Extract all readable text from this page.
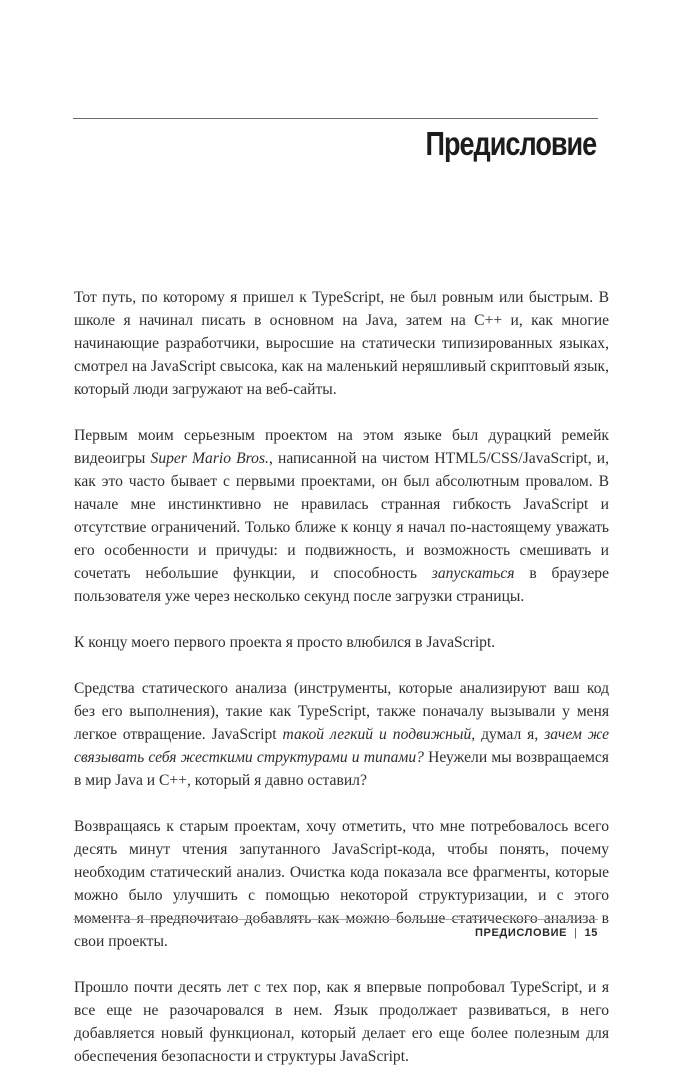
Предисловие

Тот путь, по которому я пришел к TypeScript, не был ровным или быстрым. В школе я начинал писать в основном на Java, затем на C++ и, как многие начинающие разработчики, выросшие на статически типизированных языках, смотрел на JavaScript свысока, как на маленький неряшливый скриптовый язык, который люди загружают на веб-сайты.

Первым моим серьезным проектом на этом языке был дурацкий ремейк видеоигры Super Mario Bros., написанной на чистом HTML5/CSS/JavaScript, и, как это часто бывает с первыми проектами, он был абсолютным провалом. В начале мне инстинктивно не нравилась странная гибкость JavaScript и отсутствие ограничений. Только ближе к концу я начал по-настоящему уважать его особенности и причуды: и подвижность, и возможность смешивать и сочетать небольшие функции, и способность запускаться в браузере пользователя уже через несколько секунд после загрузки страницы.

К концу моего первого проекта я просто влюбился в JavaScript.

Средства статического анализа (инструменты, которые анализируют ваш код без его выполнения), такие как TypeScript, также поначалу вызывали у меня легкое отвращение. JavaScript такой легкий и подвижный, думал я, зачем же связывать себя жесткими структурами и типами? Неужели мы возвращаемся в мир Java и C++, который я давно оставил?

Возвращаясь к старым проектам, хочу отметить, что мне потребовалось всего десять минут чтения запутанного JavaScript-кода, чтобы понять, почему необходим статический анализ. Очистка кода показала все фрагменты, которые можно было улучшить с помощью некоторой структуризации, и с этого момента я предпочитаю добавлять как можно больше статического анализа в свои проекты.

Прошло почти десять лет с тех пор, как я впервые попробовал TypeScript, и я все еще не разочаровался в нем. Язык продолжает развиваться, в него добавляется новый функционал, который делает его еще более полезным для обеспечения безопасности и структуры JavaScript.

ПРЕДИСЛОВИЕ | 15
